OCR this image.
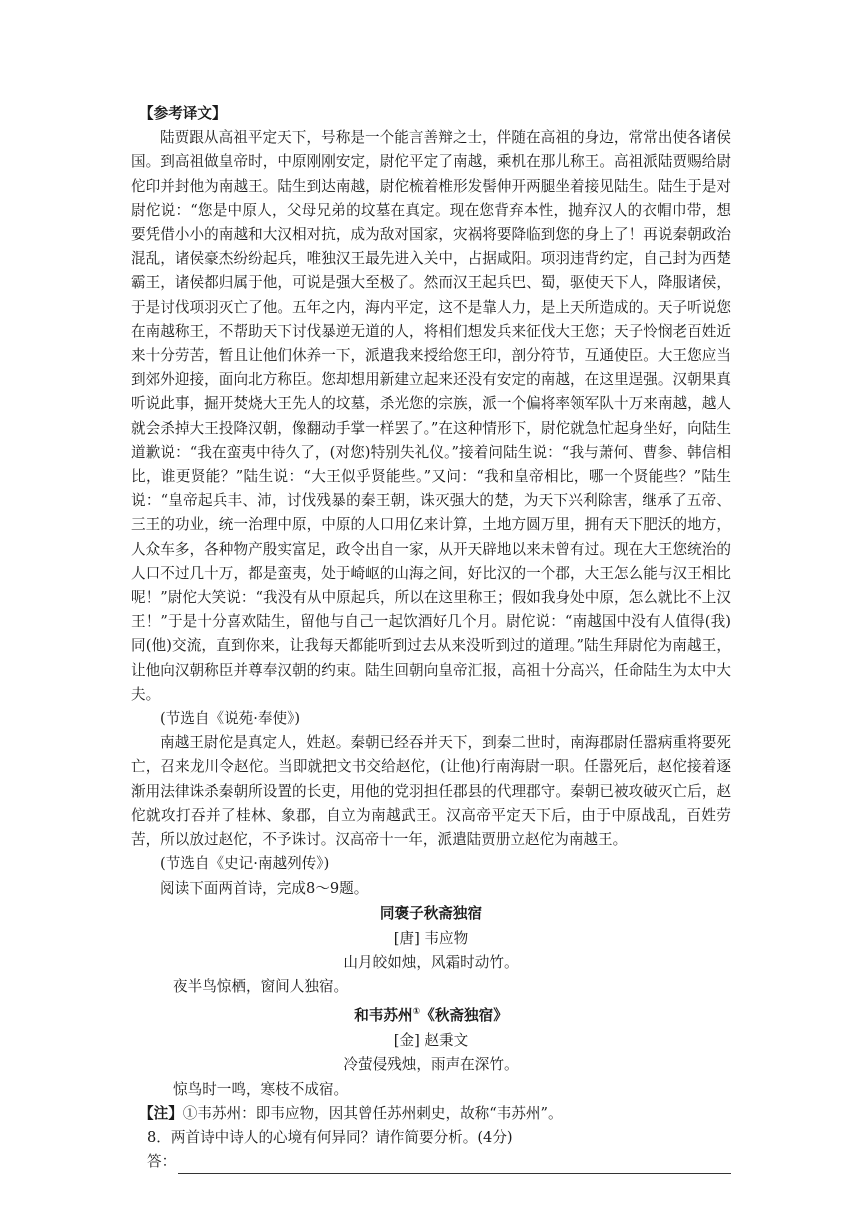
【参考译文】
陆贾跟从高祖平定天下，号称是一个能言善辩之士，伴随在高祖的身边，常常出使各诸侯国。到高祖做皇帝时，中原刚刚安定，尉佗平定了南越，乘机在那儿称王。高祖派陆贾赐给尉佗印并封他为南越王。陆生到达南越，尉佗梳着椎形发髻伸开两腿坐着接见陆生。陆生于是对尉佗说：“您是中原人，父母兄弟的坟墓在真定。现在您背弃本性，抛弃汉人的衣帽巾带，想要凭借小小的南越和大汉相对抗，成为敌对国家，灾祸将要降临到您的身上了！再说秦朝政治混乱，诸侯豪杰纷纷起兵，唯独汉王最先进入关中，占据咸阳。项羽违背约定，自己封为西楚霸王，诸侯都归属于他，可说是强大至极了。然而汉王起兵巴、蜀，驱使天下人，降服诸侯，于是讨伐项羽灭亡了他。五年之内，海内平定，这不是靠人力，是上天所造成的。天子听说您在南越称王，不帮助天下讨伐暴逆无道的人，将相们想发兵来征伐大王您；天子怜悯老百姓近来十分劳苦，暂且让他们休养一下，派遣我来授给您王印，剖分符节，互通使臣。大王您应当到郊外迎接，面向北方称臣。您却想用新建立起来还没有安定的南越，在这里逞强。汉朝果真听说此事，掘开焚烧大王先人的坟墓，杀光您的宗族，派一个偏将率领军队十万来南越，越人就会杀掉大王投降汉朝，像翻动手掌一样罢了。”在这种情形下，尉佗就急忙起身坐好，向陆生道歉说：“我在蛮夷中待久了，(对您)特别失礼仪。”接着问陆生说：“我与萧何、曹参、韩信相比，谁更贤能？”陆生说：“大王似乎贤能些。”又问：“我和皇帝相比，哪一个贤能些？”陆生说：“皇帝起兵丰、沛，讨伐残暴的秦王朝，诛灭强大的楚，为天下兴利除害，继承了五帝、三王的功业，统一治理中原，中原的人口用亿来计算，土地方圆万里，拥有天下肥沃的地方，人众车多，各种物产殷实富足，政令出自一家，从开天辟地以来未曾有过。现在大王您统治的人口不过几十万，都是蛮夷，处于崎岖的山海之间，好比汉的一个郡，大王怎么能与汉王相比呢！”尉佗大笑说：“我没有从中原起兵，所以在这里称王；假如我身处中原，怎么就比不上汉王！”于是十分喜欢陆生，留他与自己一起饮酒好几个月。尉佗说：“南越国中没有人值得(我)同(他)交流，直到你来，让我每天都能听到过去从来没听到过的道理。”陆生拜尉佗为南越王，让他向汉朝称臣并尊奉汉朝的约束。陆生回朝向皇帝汇报，高祖十分高兴，任命陆生为太中大夫。
(节选自《说苑·奉使》)
南越王尉佗是真定人，姓赵。秦朝已经吞并天下，到秦二世时，南海郡尉任嚣病重将要死亡，召来龙川令赵佗。当即就把文书交给赵佗，(让他)行南海尉一职。任嚣死后，赵佗接着逐渐用法律诛杀秦朝所设置的长吏，用他的党羽担任郡县的代理郡守。秦朝已被攻破灭亡后，赵佗就攻打吞并了桂林、象郡，自立为南越武王。汉高帝平定天下后，由于中原战乱，百姓劳苦，所以放过赵佗，不予诛讨。汉高帝十一年，派遣陆贾册立赵佗为南越王。
(节选自《史记·南越列传》)
阅读下面两首诗，完成8～9题。
同褒子秋斋独宿
[唐] 韦应物
山月皎如烛，风霜时动竹。
夜半鸟惊栖，窗间人独宿。
和韦苏州①《秋斋独宿》
[金] 赵秉文
冷萤侵残烛，雨声在深竹。
惊鸟时一鸣，寒枝不成宿。
【注】①韦苏州：即韦应物，因其曾任苏州刺史，故称“韦苏州”。
8．两首诗中诗人的心境有何异同？请作简要分析。(4分)
答：
